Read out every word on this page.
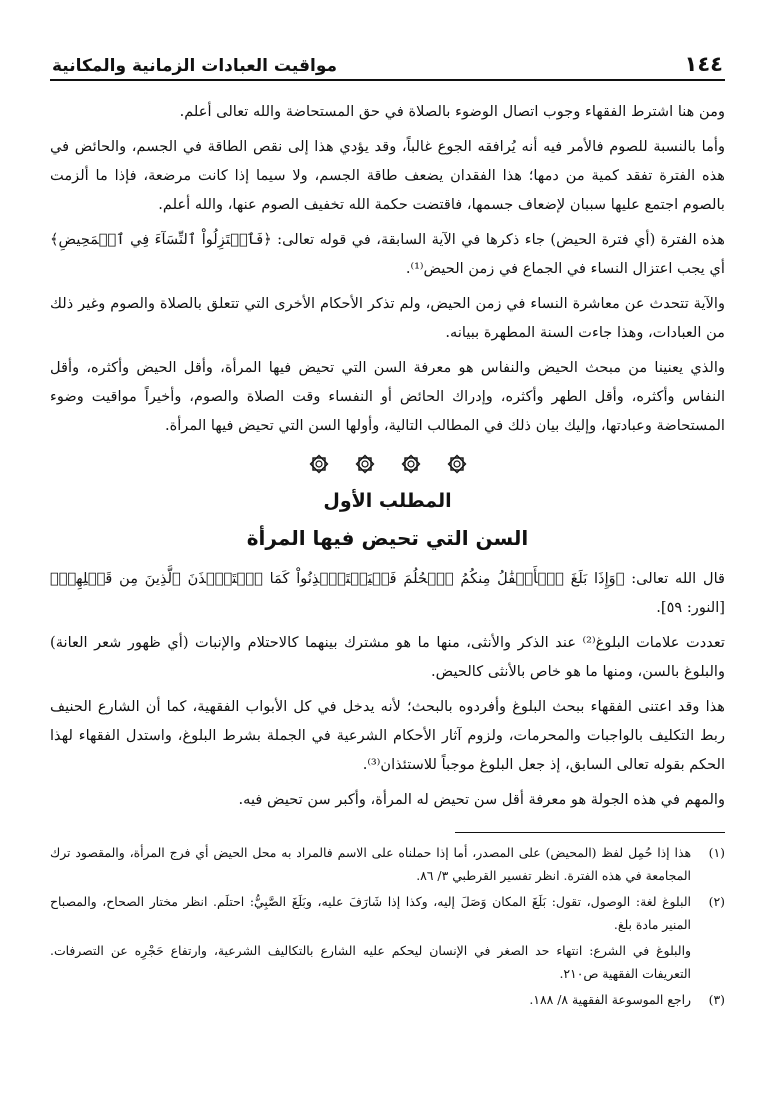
١٤٤
مواقيت العبادات الزمانية والمكانية

ومن هنا اشترط الفقهاء وجوب اتصال الوضوء بالصلاة في حق المستحاضة والله تعالى أعلم.

وأما بالنسبة للصوم فالأمر فيه أنه يُرافقه الجوع غالباً، وقد يؤدي هذا إلى نقص الطاقة في الجسم، والحائض في هذه الفترة تفقد كمية من دمها؛ هذا الفقدان يضعف طاقة الجسم، ولا سيما إذا كانت مرضعة، فإذا ما ألزمت بالصوم اجتمع عليها سببان لإضعاف جسمها، فاقتضت حكمة الله تخفيف الصوم عنها، والله أعلم.

هذه الفترة (أي فترة الحيض) جاء ذكرها في الآية السابقة، في قوله تعالى: ﴿فَٱعۡتَزِلُواْ ٱلنِّسَآءَ فِي ٱلۡمَحِيضِ﴾ أي يجب اعتزال النساء في الجماع في زمن الحيض⁽¹⁾.

والآية تتحدث عن معاشرة النساء في زمن الحيض، ولم تذكر الأحكام الأخرى التي تتعلق بالصلاة والصوم وغير ذلك من العبادات، وهذا جاءت السنة المطهرة ببيانه.

والذي يعنينا من مبحث الحيض والنفاس هو معرفة السن التي تحيض فيها المرأة، وأقل الحيض وأكثره، وأقل النفاس وأكثره، وأقل الطهر وأكثره، وإدراك الحائض أو النفساء وقت الصلاة والصوم، وأخيراً مواقيت وضوء المستحاضة وعبادتها، وإليك بيان ذلك في المطالب التالية، وأولها السن التي تحيض فيها المرأة.

المطلب الأول
السن التي تحيض فيها المرأة

قال الله تعالى: ﴿وَإِذَا بَلَغَ ٱلۡأَطۡفَٰلُ مِنكُمُ ٱلۡحُلُمَ فَلۡيَسۡتَـٔۡذِنُواْ كَمَا ٱسۡتَـٔۡذَنَ ٱلَّذِينَ مِن قَبۡلِهِمۡ﴾ [النور: ٥٩].

تعددت علامات البلوغ⁽²⁾ عند الذكر والأنثى، منها ما هو مشترك بينهما كالاحتلام والإنبات (أي ظهور شعر العانة) والبلوغ بالسن، ومنها ما هو خاص بالأنثى كالحيض.

هذا وقد اعتنى الفقهاء ببحث البلوغ وأفردوه بالبحث؛ لأنه يدخل في كل الأبواب الفقهية، كما أن الشارع الحنيف ربط التكليف بالواجبات والمحرمات، ولزوم آثار الأحكام الشرعية في الجملة بشرط البلوغ، واستدل الفقهاء لهذا الحكم بقوله تعالى السابق، إذ جعل البلوغ موجباً للاستئذان⁽³⁾.

والمهم في هذه الجولة هو معرفة أقل سن تحيض له المرأة، وأكبر سن تحيض فيه.

(١)
هذا إذا حُمِل لفظ (المحيض) على المصدر، أما إذا حملناه على الاسم فالمراد به محل الحيض أي فرج المرأة، والمقصود ترك المجامعة في هذه الفترة. انظر تفسير القرطبي ٣/ ٨٦.
(٢)
البلوغ لغة: الوصول، تقول: بَلَغَ المكان وَصَلَ إليه، وكذا إذا شَارَفَ عليه، وبَلَغَ الصَّبِيُّ: احتلَم. انظر مختار الصحاح، والمصباح المنير مادة بلغ.
والبلوغ في الشرع: انتهاء حد الصغر في الإنسان ليحكم عليه الشارع بالتكاليف الشرعية، وارتفاع حَجْرِه عن التصرفات. التعريفات الفقهية ص٢١٠.
(٣)
راجع الموسوعة الفقهية ٨/ ١٨٨.
